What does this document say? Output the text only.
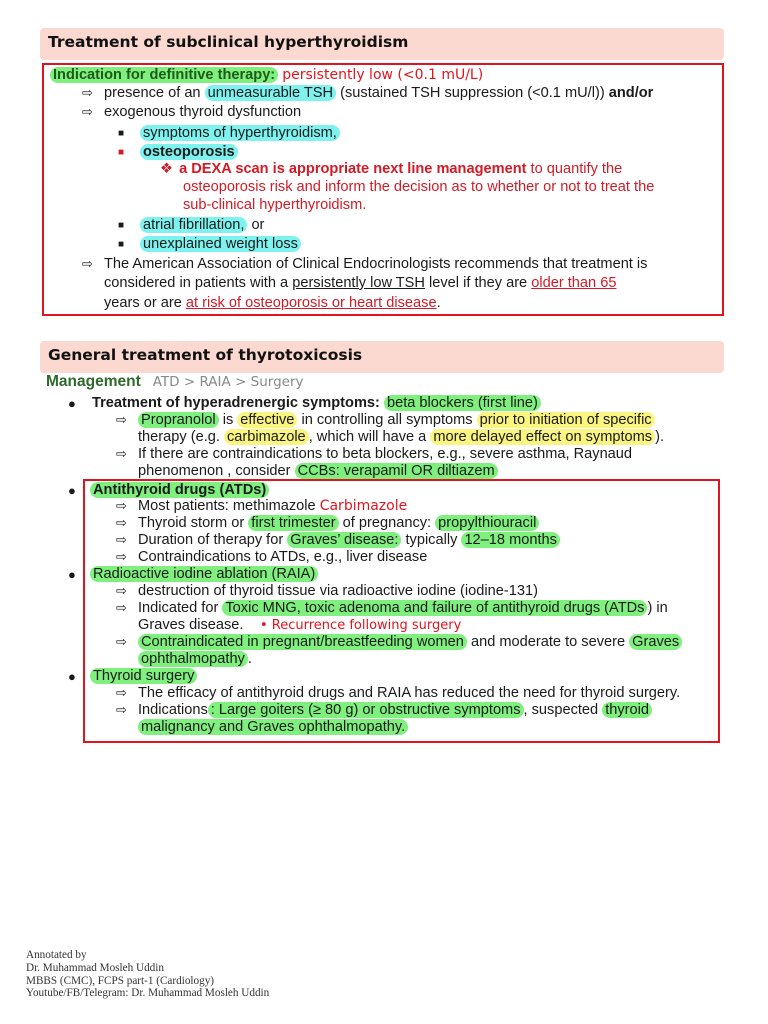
Treatment of subclinical hyperthyroidism
Indication for definitive therapy: persistently low (<0.1 mU/L)
⇨ presence of an unmeasurable TSH (sustained TSH suppression (<0.1 mU/l)) and/or
⇨ exogenous thyroid dysfunction
■ symptoms of hyperthyroidism,
■ osteoporosis
❖ a DEXA scan is appropriate next line management to quantify the
osteoporosis risk and inform the decision as to whether or not to treat the
sub-clinical hyperthyroidism.
■ atrial fibrillation, or
■ unexplained weight loss
⇨ The American Association of Clinical Endocrinologists recommends that treatment is
considered in patients with a persistently low TSH level if they are older than 65
years or are at risk of osteoporosis or heart disease.
General treatment of thyrotoxicosis
Management ATD > RAIA > Surgery
● Treatment of hyperadrenergic symptoms: beta blockers (first line)
⇨ Propranolol is effective in controlling all symptoms prior to initiation of specific
therapy (e.g. carbimazole , which will have a more delayed effect on symptoms ).
⇨ If there are contraindications to beta blockers, e.g., severe asthma, Raynaud
phenomenon , consider CCBs: verapamil OR diltiazem
● Antithyroid drugs (ATDs)
⇨ Most patients: methimazole Carbimazole
⇨ Thyroid storm or first trimester of pregnancy: propylthiouracil
⇨ Duration of therapy for Graves’ disease: typically 12–18 months
⇨ Contraindications to ATDs, e.g., liver disease
● Radioactive iodine ablation (RAIA)
⇨ destruction of thyroid tissue via radioactive iodine (iodine-131)
⇨ Indicated for Toxic MNG, toxic adenoma and failure of antithyroid drugs (ATDs ) in
Graves disease. • Recurrence following surgery
⇨ Contraindicated in pregnant/breastfeeding women and moderate to severe Graves
ophthalmopathy .
● Thyroid surgery
⇨ The efficacy of antithyroid drugs and RAIA has reduced the need for thyroid surgery.
⇨ Indications : Large goiters (≥ 80 g) or obstructive symptoms , suspected thyroid
malignancy and Graves ophthalmopathy.
Annotated by
Dr. Muhammad Mosleh Uddin
MBBS (CMC), FCPS part-1 (Cardiology)
Youtube/FB/Telegram: Dr. Muhammad Mosleh Uddin
